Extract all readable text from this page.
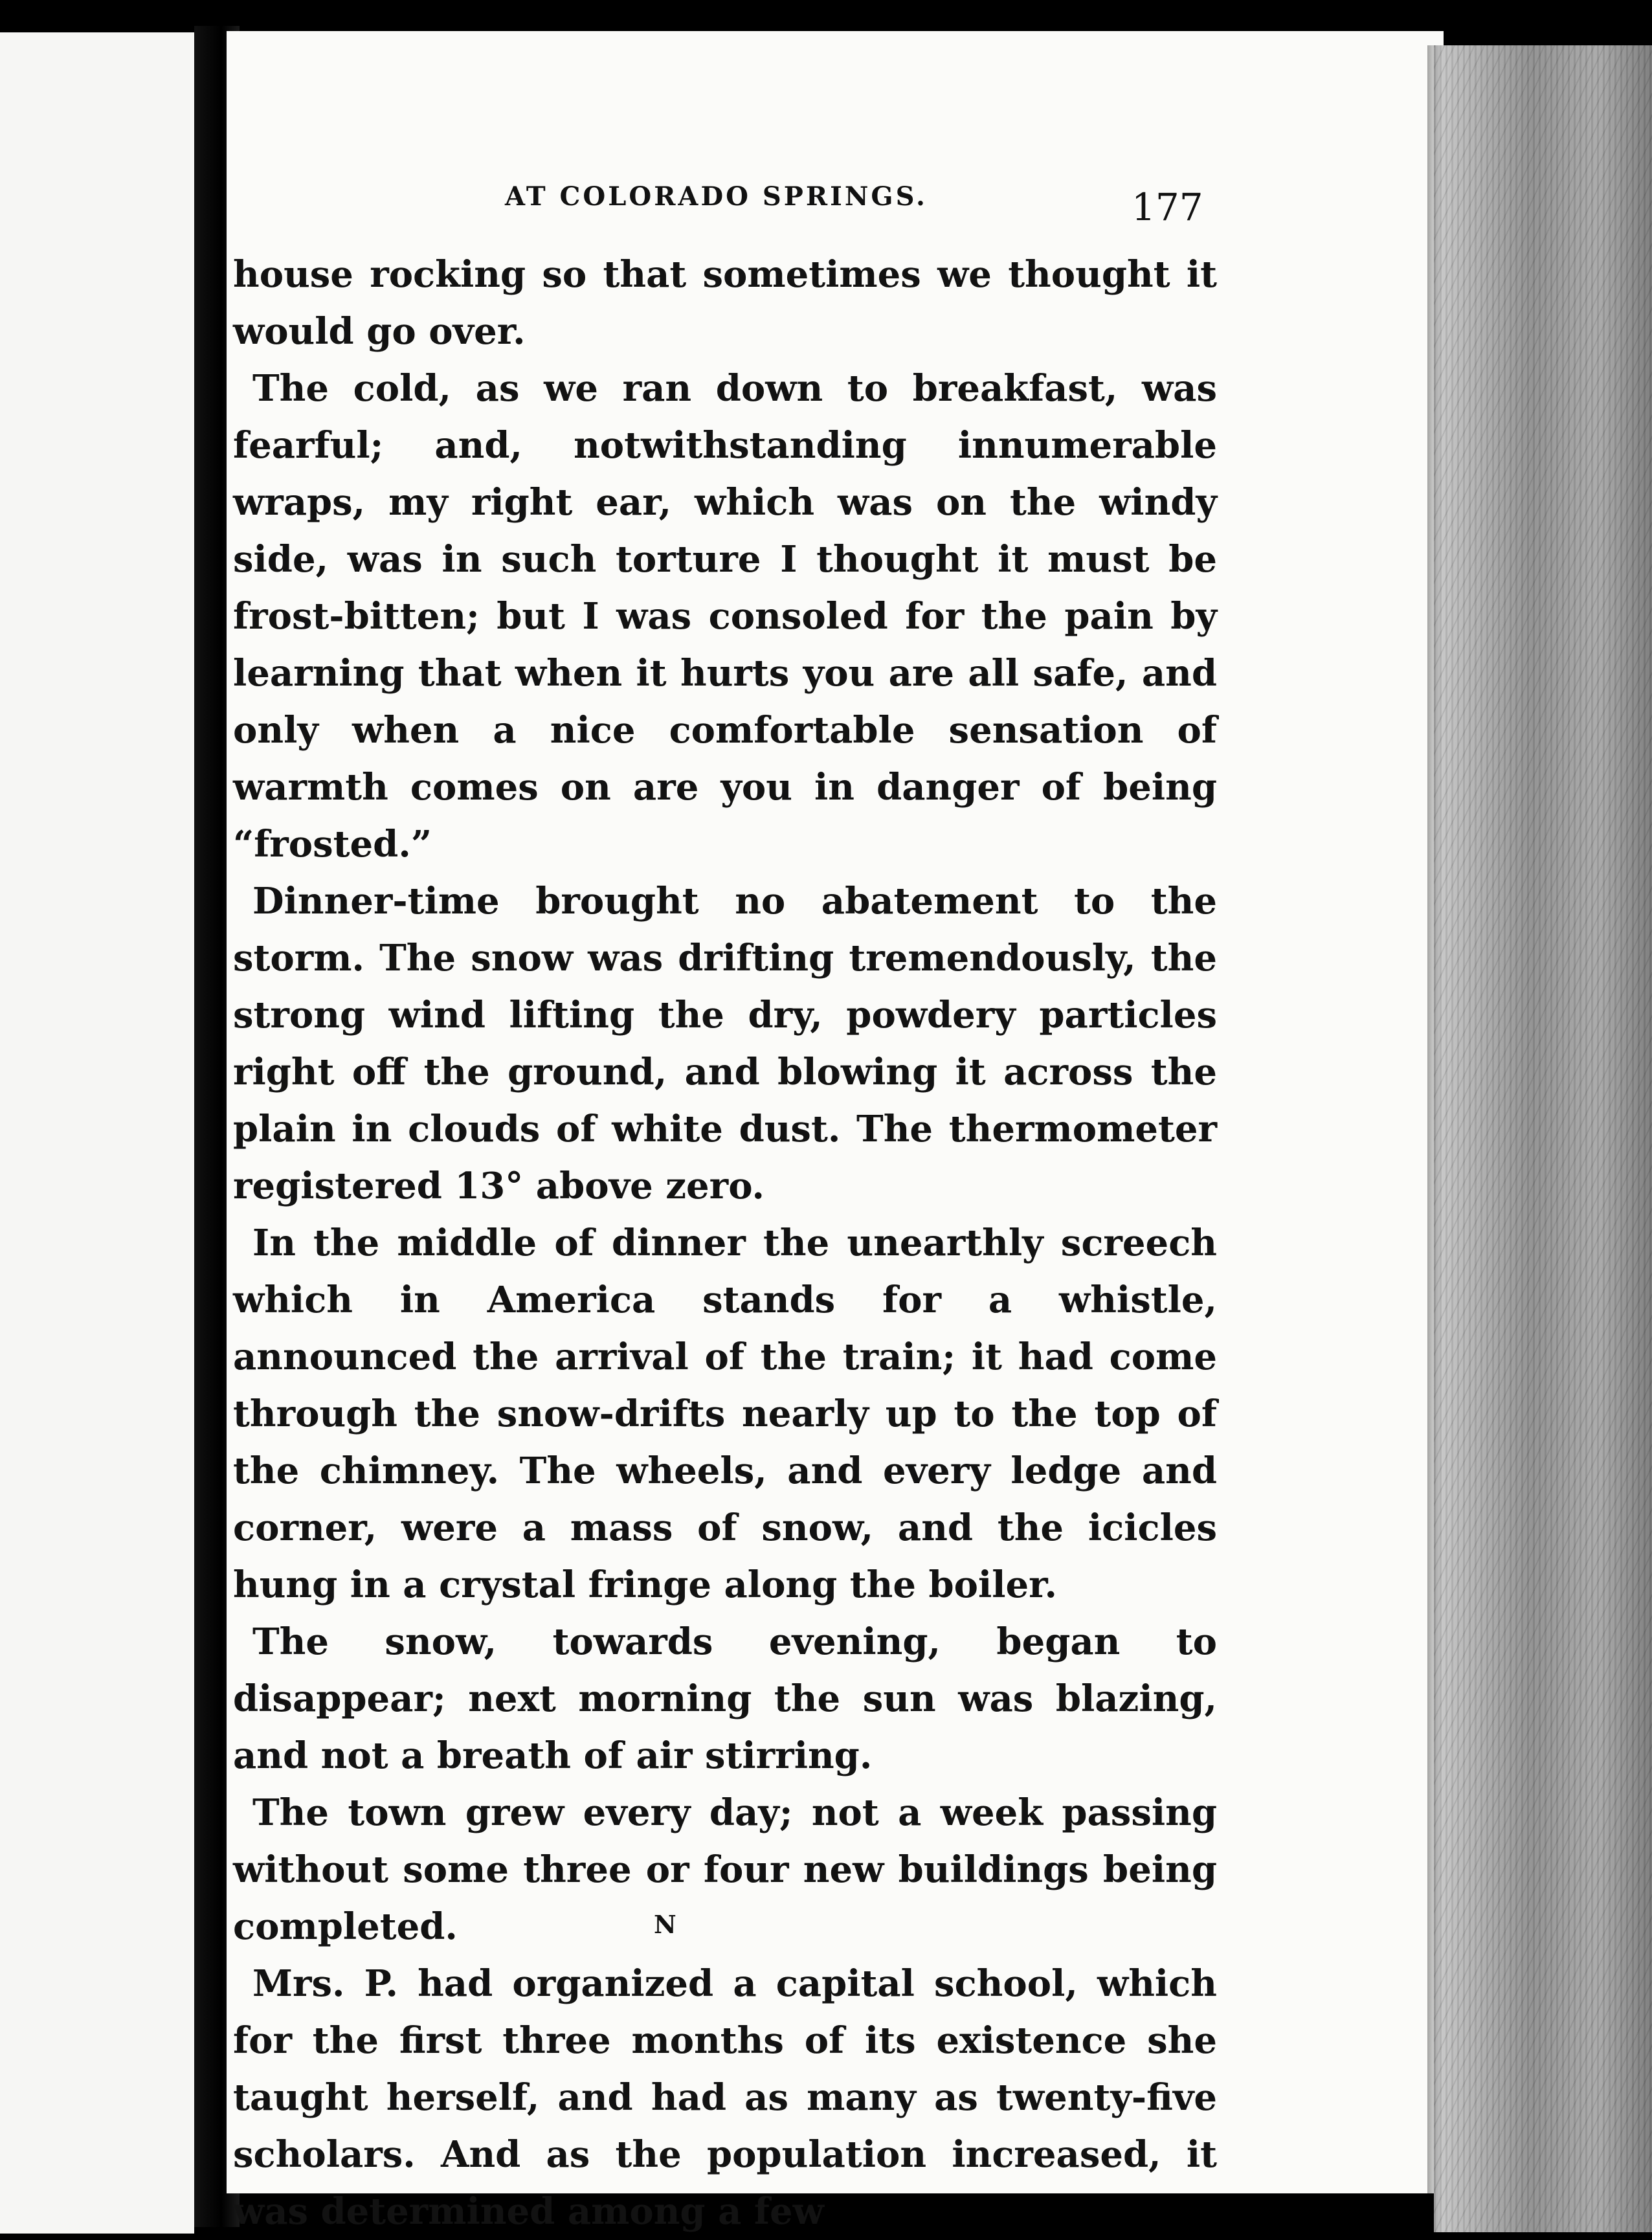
AT COLORADO SPRINGS.	177

house rocking so that sometimes we thought it would go over.

The cold, as we ran down to breakfast, was fearful; and, notwithstanding innumerable wraps, my right ear, which was on the windy side, was in such torture I thought it must be frost-bitten; but I was consoled for the pain by learning that when it hurts you are all safe, and only when a nice comfortable sensation of warmth comes on are you in danger of being “frosted.”

Dinner-time brought no abatement to the storm. The snow was drifting tremendously, the strong wind lifting the dry, powdery particles right off the ground, and blowing it across the plain in clouds of white dust. The thermometer registered 13° above zero.

In the middle of dinner the unearthly screech which in America stands for a whistle, announced the arrival of the train; it had come through the snow-drifts nearly up to the top of the chimney. The wheels, and every ledge and corner, were a mass of snow, and the icicles hung in a crystal fringe along the boiler.

The snow, towards evening, began to disappear; next morning the sun was blazing, and not a breath of air stirring.

The town grew every day; not a week passing without some three or four new buildings being completed.

Mrs. P. had organized a capital school, which for the first three months of its existence she taught herself, and had as many as twenty-five scholars. And as the population increased, it was determined among a few

N
